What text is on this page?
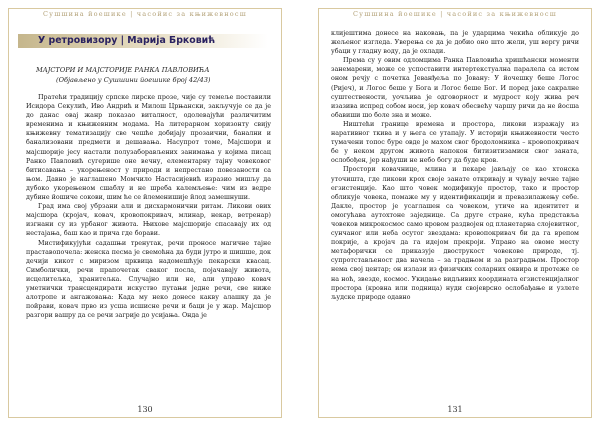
Сушшина йоешике | часойис за књижевносш
У ретровизору | Марија Брковић
МАЈСТОРИ И МАЈСТОРИЈЕ РАНКА ПАВЛОВИЋА
(Објављено у Сушшини йоешике број 42/43)

Пратећи традицију српске лирске прозе, чије су темеље поставили Исидора Секулић, Иво Андрић и Милош Црњански, закључује се да је до данас овај жанр показао виталност, одолевајући различитим временима и књижевним модама. На литерарном хоризонту свију књижевну тематизацију све чешће добијају прозаични, банални и банализовани предмети и дешавања. Насупрот томе, Мајсшори и мајсшорије јесу настали полузаборављених занимања у којима писац Ранко Павловић сугерише оне вечну, елементарну тајну човековог битисавања – укорењеност у природи и непрестано повезаности са њом. Давно је наглашено Момчило Настасијевић изразио мишљу да дубоко укорењеном сшаблу и не шреба калемљење: чим из ведре дубине йошиче сокови, шим ће се йлеменишије йлод замешнуши.

Град има свој убрзани али и дисхармонични ритам. Ликови ових мајсшора (кројач, ковач, кровопокривач, млинар, некар, ветренар) изгнани су из урбаног живота. Њихове мајсшорије спасавају их од нестајања, баш као и прича где борави.

Мистификујући садашњи тренутак, речи проносе магичне тајне праставопочела: женска песма је свемоћна да буди јутро и шишше, док дечији кикот с миризом црквица надомешћује пекарски квасац. Симболички, речи прапочетак сваког посла, појачавају живота, исцелитељка, хранитељка. Случајно или не, али управо ковач уметнички трансцендирати искуство путањи једне речи, све ниже алотропе и ангажовања: Када му неко донесе какву алашку да је пойрави, ковач прво из усша исшисне речи и баци је у жар. Мајсшор разгори вашру да се речи загрије до усијања. Онда је

130
Сушшина йоешике | часойис за књижевносш

клијештима донесе на наковањ, па је ударцима чекића обликује до жељеног изгледа. Уверења се да је добио оно што жели, уш вергу ричи убаци у гладну воду, да је охлади.

Према су у овим одломцима Ранка Павловића хришћански моменти занемарени, може се успоставити интертекстуална паралела са истом оном речју с почетка Јеванђеља по Јовану: У йочешку беше Логос (Ријеч), и Логос беше у Бога и Логос беше Бог. И поред јаке сакралне суштествености, уочљива је одговорност и мудрост коју жива реч изазива испред собом носи, јер ковач обесвећу чаршу ричи да не йосша обавиши шо боле зна и може.

Ништећи границе времена и простора, ликови изражају из наративног ткива и у њега се утапају. У историји књижевности често тумачени топос буре овде је махом свог бродоломника – кровопокривач бе у неком другом живота напокон битизитизамиси свог заната, ослобођен, јер нађуши не небо богу да буде кров.

Простори ковачнице, млина и пекаре јављају се као хтонска уточишта, где ликови крох своје занате откривају и чувају вечне тајне егзистенције. Као што човек модификује простор, тако и простор обликује човека, помаже му у идентификацији и превазилажењу себе. Дакле, простор је усаглашен са човеком, утиче на идентитет и омогућава аутохтоне заједнице. Са друге стране, кућа представља човеков микрокосмос само кровом раздвојен од планетарна слојевитног, сунчаног или неба осутог звездама: кровопокривач би да га врепом покрије, а кројач да га идејом прекроји. Упрано на овоме месту метафорички се приказује двострукост човекове природе, тј. супротстављеност два начела – за градњом и за разградњом. Простор нема свој центар; он излази из физичких соларних оквира и протеже се на ноћ, звезде, космос. Укидање видљивих координата егзистенцијалног простора (кровна или подница) нуди својеврсно ослобађање и узлете људске природе одавно

131
